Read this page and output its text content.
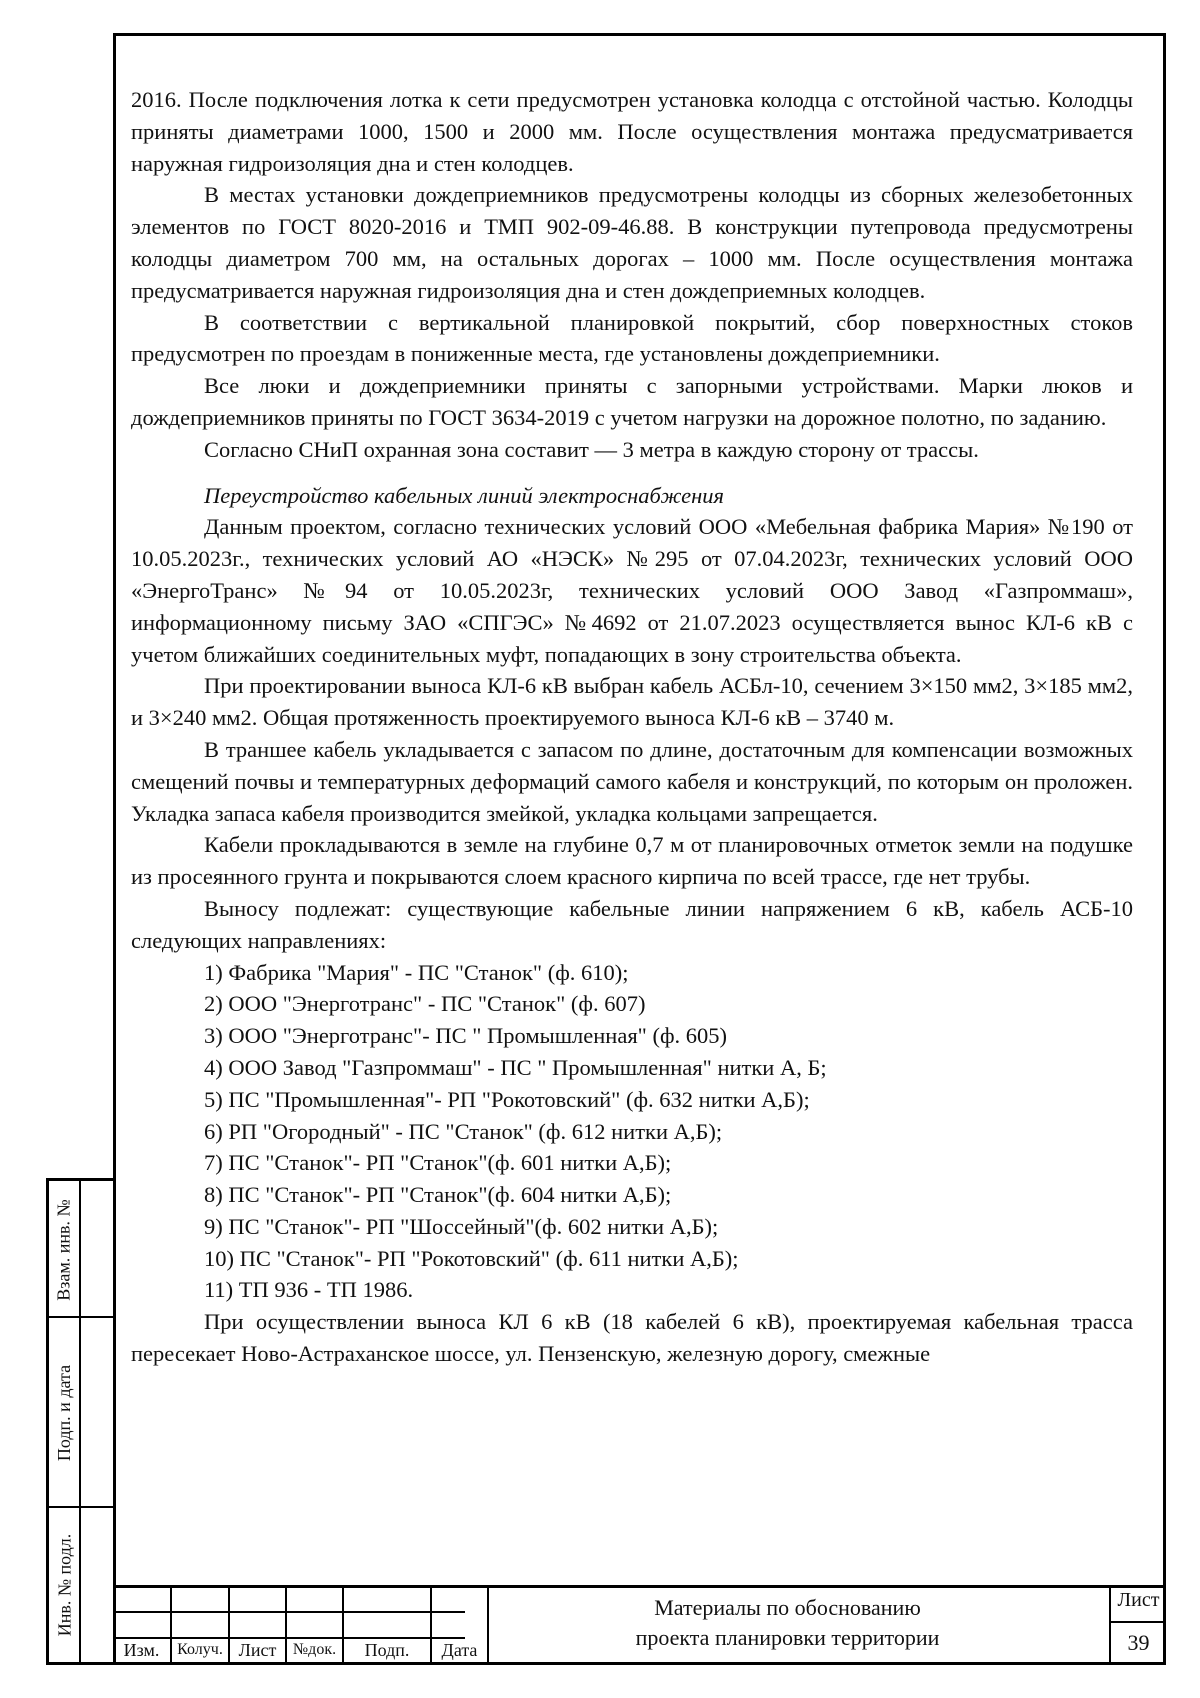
2016. После подключения лотка к сети предусмотрен установка колодца с отстойной частью. Колодцы приняты диаметрами 1000, 1500 и 2000 мм. После осуществления монтажа предусматривается наружная гидроизоляция дна и стен колодцев.

В местах установки дождеприемников предусмотрены колодцы из сборных железобетонных элементов по ГОСТ 8020-2016 и ТМП 902-09-46.88. В конструкции путепровода предусмотрены колодцы диаметром 700 мм, на остальных дорогах – 1000 мм. После осуществления монтажа предусматривается наружная гидроизоляция дна и стен дождеприемных колодцев.

В соответствии с вертикальной планировкой покрытий, сбор поверхностных стоков предусмотрен по проездам в пониженные места, где установлены дождеприемники.

Все люки и дождеприемники приняты с запорными устройствами. Марки люков и дождеприемников приняты по ГОСТ 3634-2019 с учетом нагрузки на дорожное полотно, по заданию.

Согласно СНиП охранная зона составит — 3 метра в каждую сторону от трассы.

Переустройство кабельных линий электроснабжения

Данным проектом, согласно технических условий ООО «Мебельная фабрика Мария» №190 от 10.05.2023г., технических условий АО «НЭСК» №295 от 07.04.2023г, технических условий ООО «ЭнергоТранс» №94 от 10.05.2023г, технических условий ООО Завод «Газпроммаш», информационному письму ЗАО «СПГЭС» №4692 от 21.07.2023 осуществляется вынос КЛ-6 кВ с учетом ближайших соединительных муфт, попадающих в зону строительства объекта.

При проектировании выноса КЛ-6 кВ выбран кабель АСБл-10, сечением 3×150 мм2, 3×185 мм2, и 3×240 мм2. Общая протяженность проектируемого выноса КЛ-6 кВ – 3740 м.

В траншее кабель укладывается с запасом по длине, достаточным для компенсации возможных смещений почвы и температурных деформаций самого кабеля и конструкций, по которым он проложен. Укладка запаса кабеля производится змейкой, укладка кольцами запрещается.

Кабели прокладываются в земле на глубине 0,7 м от планировочных отметок земли на подушке из просеянного грунта и покрываются слоем красного кирпича по всей трассе, где нет трубы.

Выносу подлежат: существующие кабельные линии напряжением 6 кВ, кабель АСБ-10 следующих направлениях:

1) Фабрика "Мария" - ПС "Станок" (ф. 610);

2) ООО "Энерготранс" - ПС "Станок" (ф. 607)

3) ООО "Энерготранс"- ПС " Промышленная" (ф. 605)

4) ООО Завод "Газпроммаш" - ПС " Промышленная" нитки А, Б;

5) ПС "Промышленная"- РП "Рокотовский" (ф. 632 нитки А,Б);

6) РП "Огородный" - ПС "Станок" (ф. 612 нитки А,Б);

7) ПС "Станок"- РП "Станок"(ф. 601 нитки А,Б);

8) ПС "Станок"- РП "Станок"(ф. 604 нитки А,Б);

9) ПС "Станок"- РП "Шоссейный"(ф. 602 нитки А,Б);

10) ПС "Станок"- РП "Рокотовский" (ф. 611 нитки А,Б);

11) ТП 936 - ТП 1986.

При осуществлении выноса КЛ 6 кВ (18 кабелей 6 кВ), проектируемая кабельная трасса пересекает Ново-Астраханское шоссе, ул. Пензенскую, железную дорогу, смежные

Взам. инв. №
Подп. и дата
Инв. № подл.
Изм.	Колуч. Лист	№док.	Подп.	Дата
Материалы по обоснованию
проекта планировки территории
Лист
39
